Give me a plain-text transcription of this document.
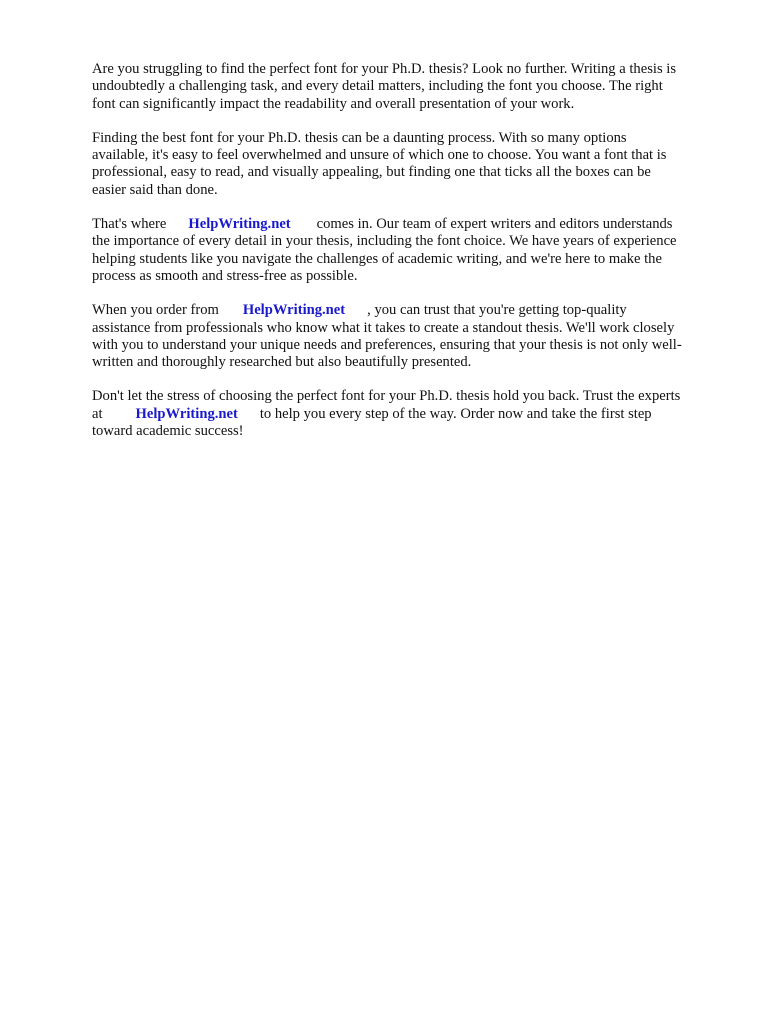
Are you struggling to find the perfect font for your Ph.D. thesis? Look no further. Writing a thesis is
undoubtedly a challenging task, and every detail matters, including the font you choose. The right
font can significantly impact the readability and overall presentation of your work.

Finding the best font for your Ph.D. thesis can be a daunting process. With so many options
available, it's easy to feel overwhelmed and unsure of which one to choose. You want a font that is
professional, easy to read, and visually appealing, but finding one that ticks all the boxes can be
easier said than done.

That's where HelpWriting.net comes in. Our team of expert writers and editors understands
the importance of every detail in your thesis, including the font choice. We have years of experience
helping students like you navigate the challenges of academic writing, and we're here to make the
process as smooth and stress-free as possible.

When you order from HelpWriting.net , you can trust that you're getting top-quality
assistance from professionals who know what it takes to create a standout thesis. We'll work closely
with you to understand your unique needs and preferences, ensuring that your thesis is not only well-
written and thoroughly researched but also beautifully presented.

Don't let the stress of choosing the perfect font for your Ph.D. thesis hold you back. Trust the experts
at HelpWriting.net to help you every step of the way. Order now and take the first step
toward academic success!
